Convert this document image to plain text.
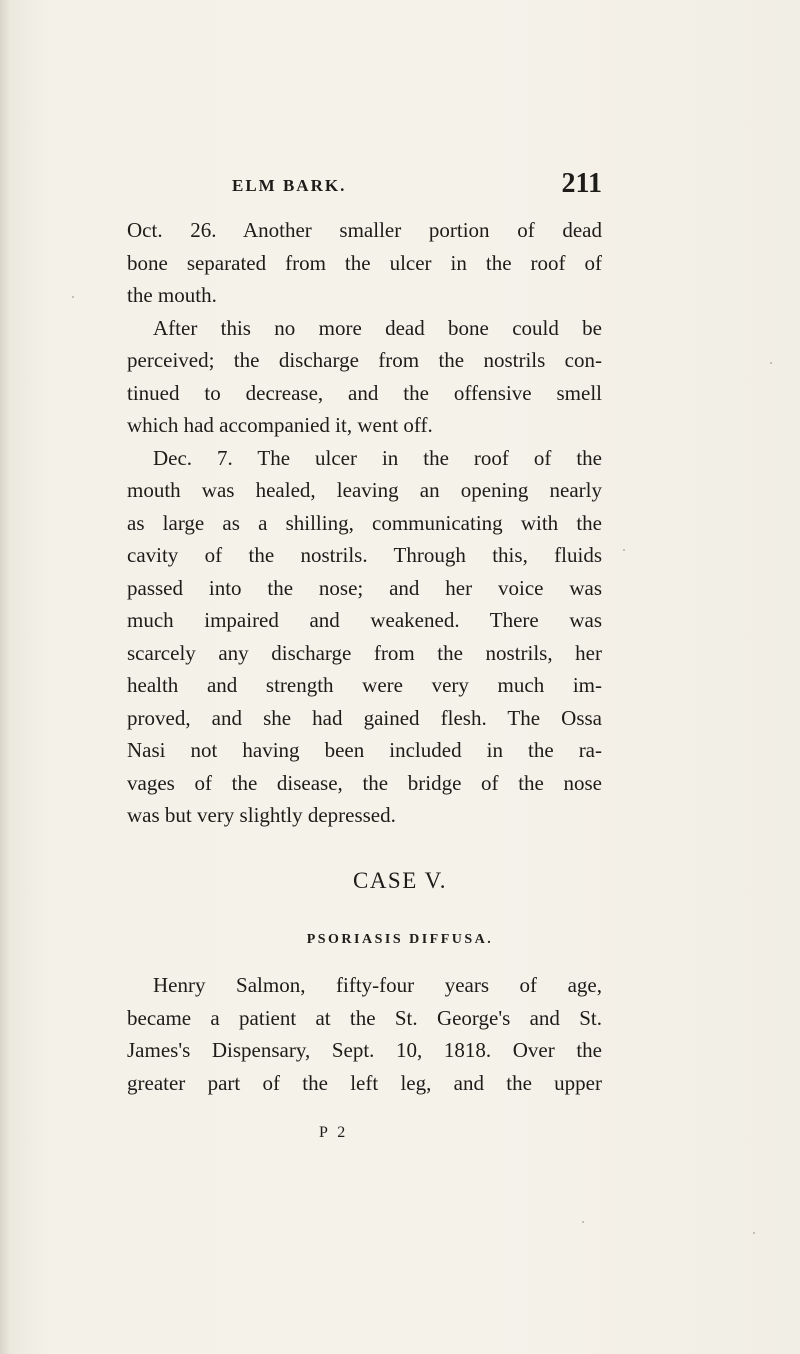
ELM BARK.	211
Oct. 26. Another smaller portion of dead
bone separated from the ulcer in the roof of
the mouth.
After this no more dead bone could be
perceived; the discharge from the nostrils con-
tinued to decrease, and the offensive smell
which had accompanied it, went off.
Dec. 7. The ulcer in the roof of the
mouth was healed, leaving an opening nearly
as large as a shilling, communicating with the
cavity of the nostrils. Through this, fluids
passed into the nose; and her voice was
much impaired and weakened. There was
scarcely any discharge from the nostrils, her
health and strength were very much im-
proved, and she had gained flesh. The Ossa
Nasi not having been included in the ra-
vages of the disease, the bridge of the nose
was but very slightly depressed.
CASE V.
PSORIASIS DIFFUSA.
Henry Salmon, fifty-four years of age,
became a patient at the St. George's and St.
James's Dispensary, Sept. 10, 1818. Over the
greater part of the left leg, and the upper
P 2
